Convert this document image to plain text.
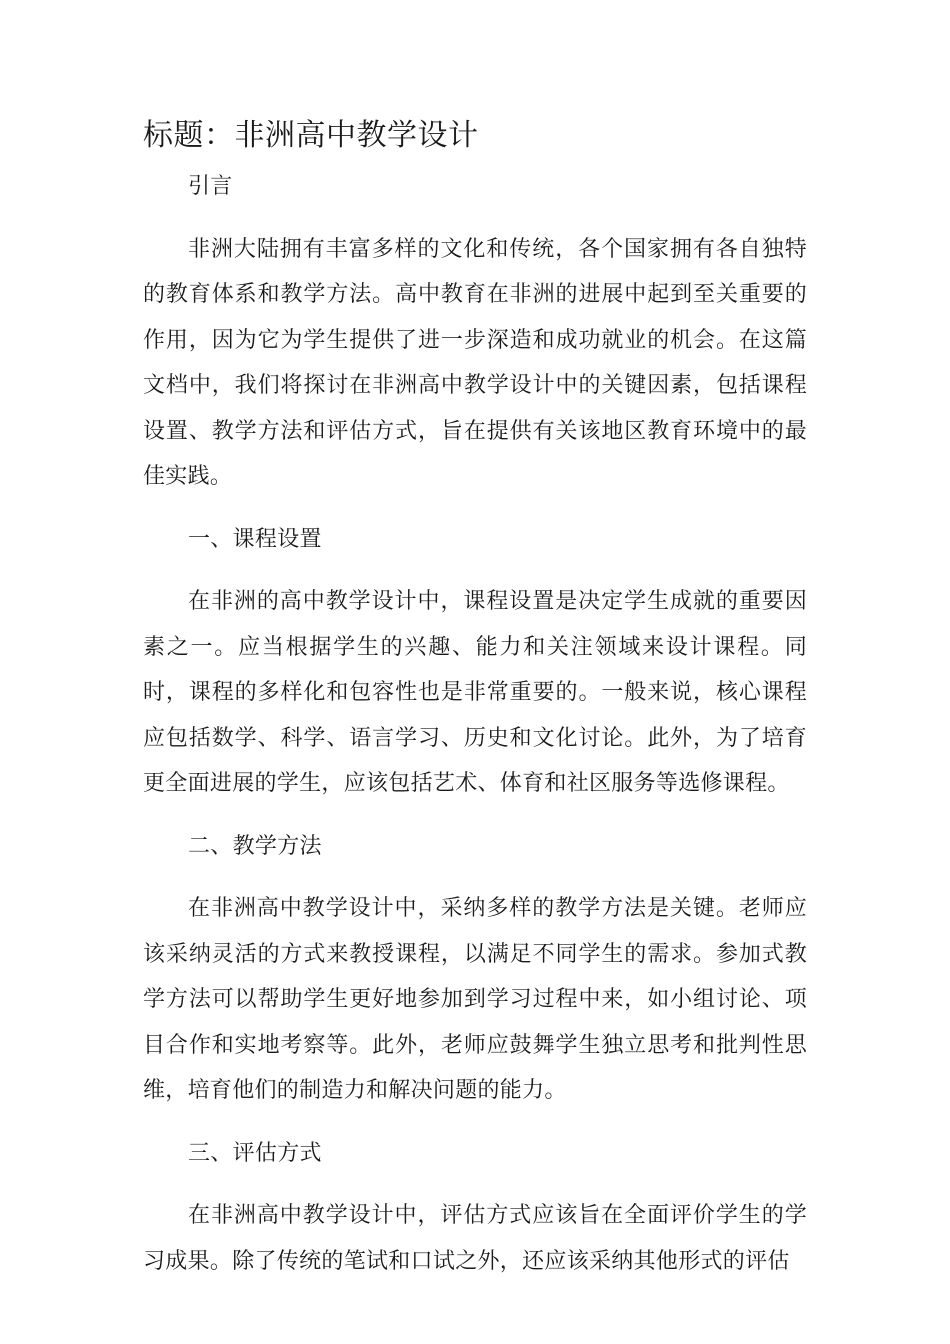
标题：非洲高中教学设计

引言

非洲大陆拥有丰富多样的文化和传统，各个国家拥有各自独特的教育体系和教学方法。高中教育在非洲的进展中起到至关重要的作用，因为它为学生提供了进一步深造和成功就业的机会。在这篇文档中，我们将探讨在非洲高中教学设计中的关键因素，包括课程设置、教学方法和评估方式，旨在提供有关该地区教育环境中的最佳实践。

一、课程设置

在非洲的高中教学设计中，课程设置是决定学生成就的重要因素之一。应当根据学生的兴趣、能力和关注领域来设计课程。同时，课程的多样化和包容性也是非常重要的。一般来说，核心课程应包括数学、科学、语言学习、历史和文化讨论。此外，为了培育更全面进展的学生，应该包括艺术、体育和社区服务等选修课程。

二、教学方法

在非洲高中教学设计中，采纳多样的教学方法是关键。老师应该采纳灵活的方式来教授课程，以满足不同学生的需求。参加式教学方法可以帮助学生更好地参加到学习过程中来，如小组讨论、项目合作和实地考察等。此外，老师应鼓舞学生独立思考和批判性思维，培育他们的制造力和解决问题的能力。

三、评估方式

在非洲高中教学设计中，评估方式应该旨在全面评价学生的学习成果。除了传统的笔试和口试之外，还应该采纳其他形式的评估
